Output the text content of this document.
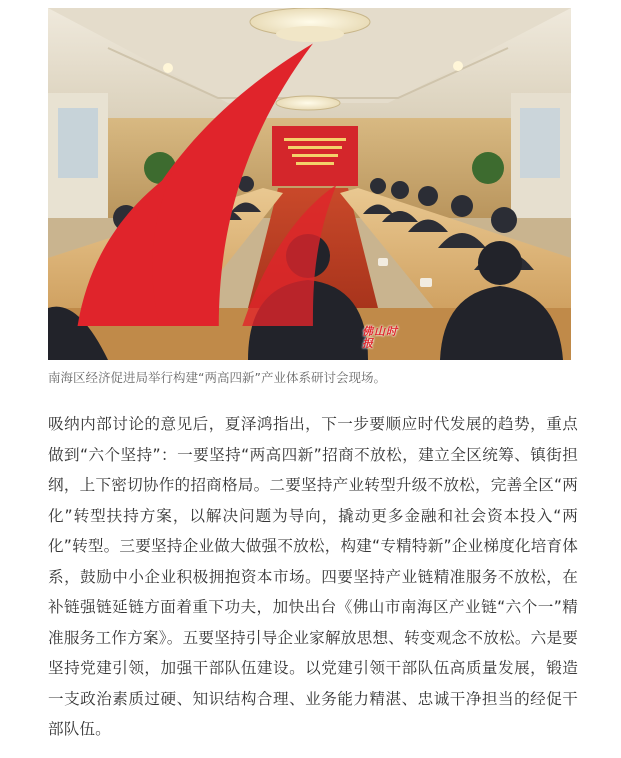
佛山时报
南海区经济促进局举行构建“两高四新”产业体系研讨会现场。

吸纳内部讨论的意见后，夏泽鸿指出，下一步要顺应时代发展的趋势，重点做到“六个坚持”：一要坚持“两高四新”招商不放松，建立全区统筹、镇街担纲，上下密切协作的招商格局。二要坚持产业转型升级不放松，完善全区“两化”转型扶持方案，以解决问题为导向，撬动更多金融和社会资本投入“两化”转型。三要坚持企业做大做强不放松，构建“专精特新”企业梯度化培育体系，鼓励中小企业积极拥抱资本市场。四要坚持产业链精准服务不放松，在补链强链延链方面着重下功夫，加快出台《佛山市南海区产业链“六个一”精准服务工作方案》。五要坚持引导企业家解放思想、转变观念不放松。六是要坚持党建引领，加强干部队伍建设。以党建引领干部队伍高质量发展，锻造一支政治素质过硬、知识结构合理、业务能力精湛、忠诚干净担当的经促干部队伍。
